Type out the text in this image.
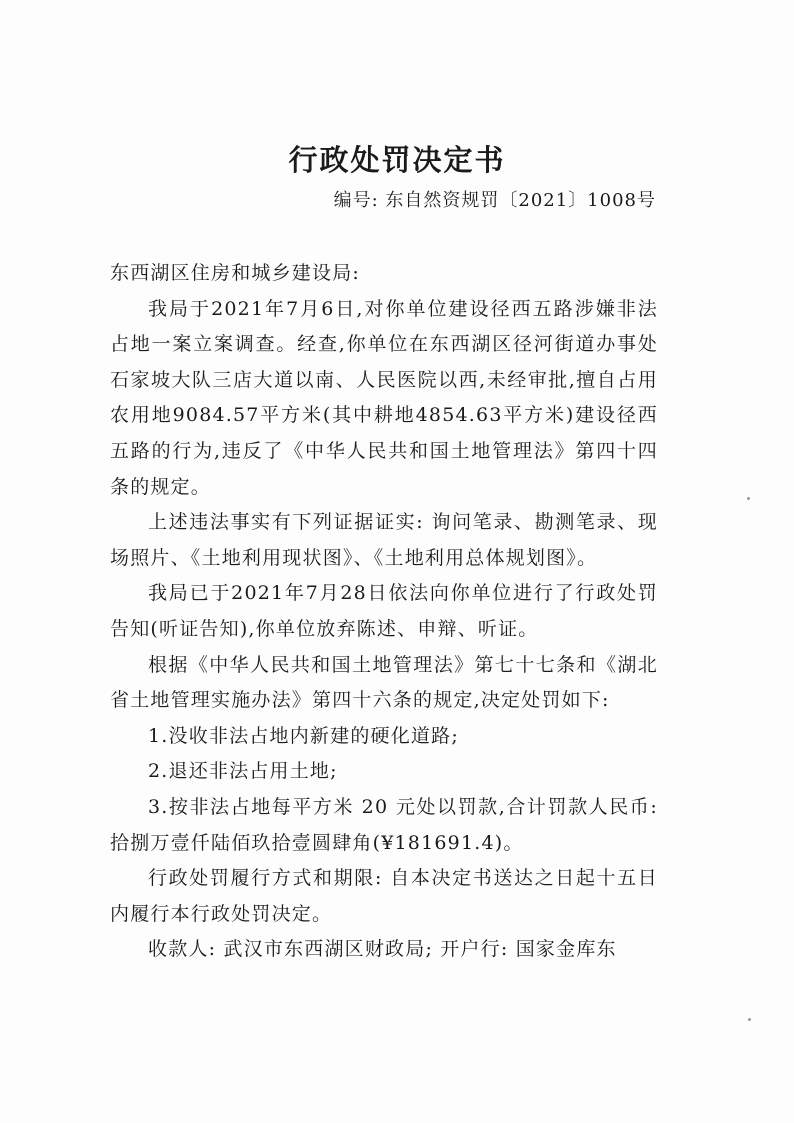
行政处罚决定书
编号: 东自然资规罚〔2021〕1008号

东西湖区住房和城乡建设局:

我局于2021年7月6日,对你单位建设径西五路涉嫌非法占地一案立案调查。经查,你单位在东西湖区径河街道办事处石家坡大队三店大道以南、人民医院以西,未经审批,擅自占用农用地9084.57平方米(其中耕地4854.63平方米)建设径西五路的行为,违反了《中华人民共和国土地管理法》第四十四条的规定。

上述违法事实有下列证据证实: 询问笔录、勘测笔录、现场照片、《土地利用现状图》、《土地利用总体规划图》。

我局已于2021年7月28日依法向你单位进行了行政处罚告知(听证告知),你单位放弃陈述、申辩、听证。

根据《中华人民共和国土地管理法》第七十七条和《湖北省土地管理实施办法》第四十六条的规定,决定处罚如下:

1.没收非法占地内新建的硬化道路;

2.退还非法占用土地;

3.按非法占地每平方米 20 元处以罚款,合计罚款人民币: 拾捌万壹仟陆佰玖拾壹圆肆角(¥181691.4)。

行政处罚履行方式和期限: 自本决定书送达之日起十五日内履行本行政处罚决定。

收款人: 武汉市东西湖区财政局; 开户行: 国家金库东
